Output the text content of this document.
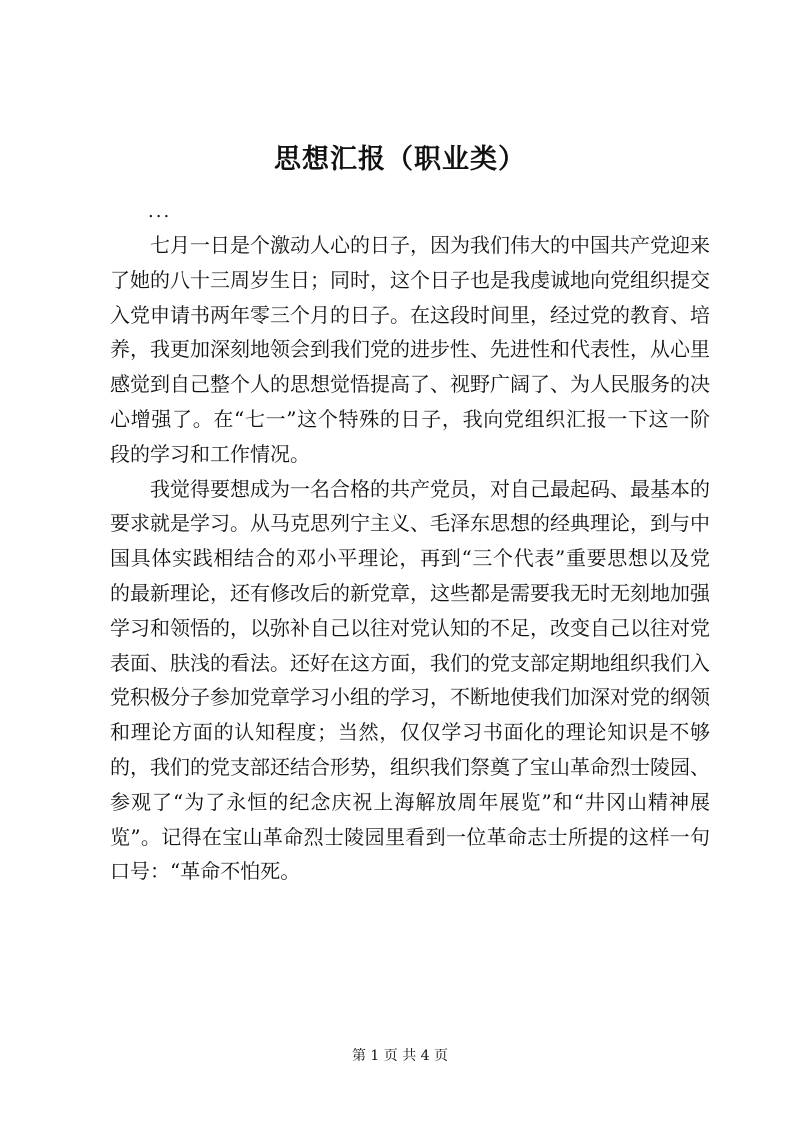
思想汇报（职业类）
...

七月一日是个激动人心的日子，因为我们伟大的中国共产党迎来了她的八十三周岁生日；同时，这个日子也是我虔诚地向党组织提交入党申请书两年零三个月的日子。在这段时间里，经过党的教育、培养，我更加深刻地领会到我们党的进步性、先进性和代表性，从心里感觉到自己整个人的思想觉悟提高了、视野广阔了、为人民服务的决心增强了。在“七一”这个特殊的日子，我向党组织汇报一下这一阶段的学习和工作情况。

我觉得要想成为一名合格的共产党员，对自己最起码、最基本的要求就是学习。从马克思列宁主义、毛泽东思想的经典理论，到与中国具体实践相结合的邓小平理论，再到“三个代表”重要思想以及党的最新理论，还有修改后的新党章，这些都是需要我无时无刻地加强学习和领悟的，以弥补自己以往对党认知的不足，改变自己以往对党表面、肤浅的看法。还好在这方面，我们的党支部定期地组织我们入党积极分子参加党章学习小组的学习，不断地使我们加深对党的纲领和理论方面的认知程度；当然，仅仅学习书面化的理论知识是不够的，我们的党支部还结合形势，组织我们祭奠了宝山革命烈士陵园、参观了“为了永恒的纪念庆祝上海解放周年展览”和“井冈山精神展览”。记得在宝山革命烈士陵园里看到一位革命志士所提的这样一句口号：“革命不怕死。

第 1 页 共 4 页
